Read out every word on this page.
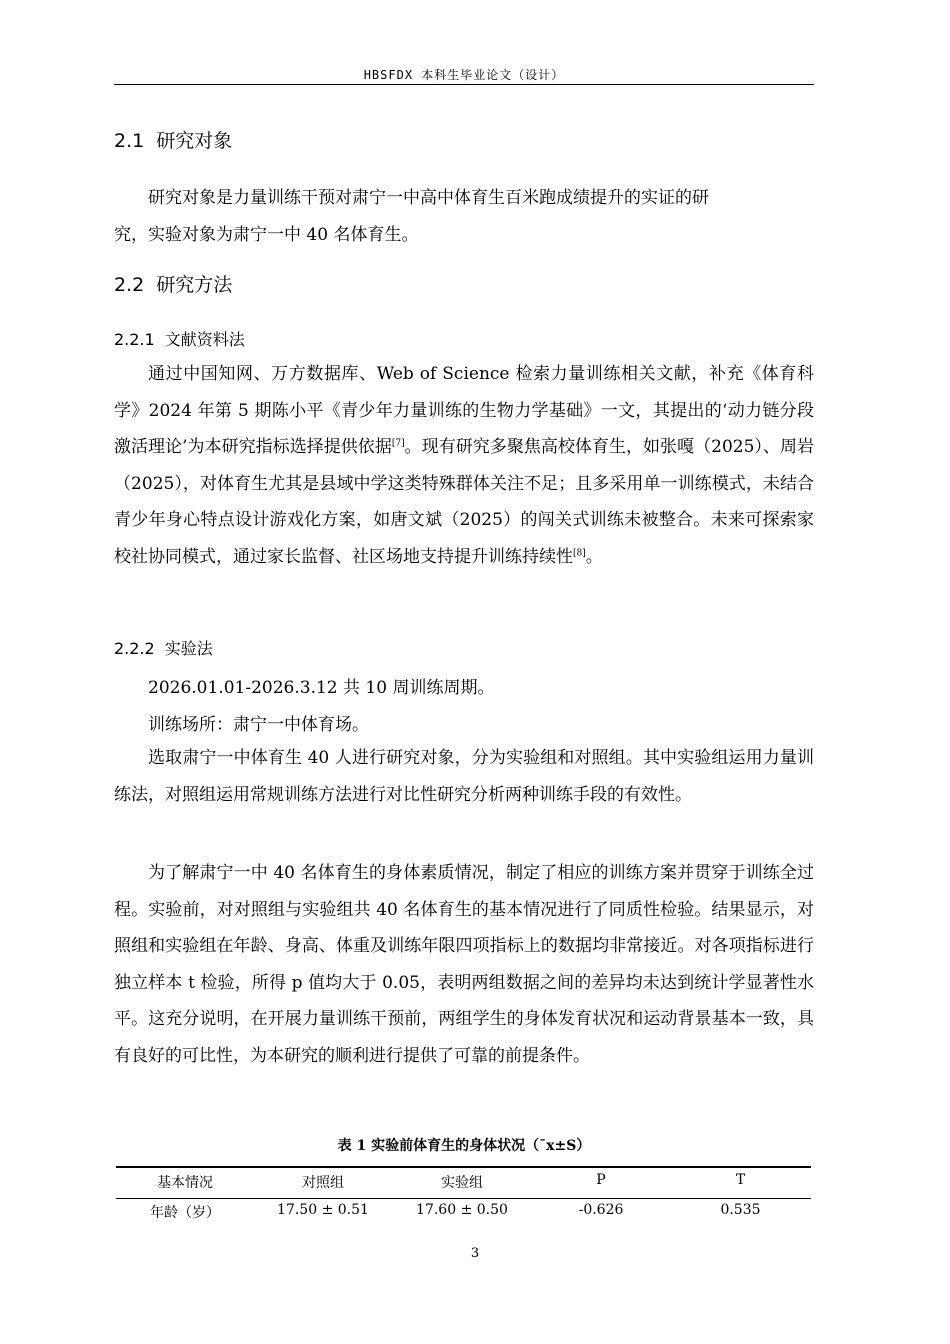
HBSFDX 本科生毕业论文（设计）
2.1 研究对象
研究对象是力量训练干预对肃宁一中高中体育生百米跑成绩提升的实证的研
究，实验对象为肃宁一中 40 名体育生。
2.2 研究方法
2.2.1 文献资料法

通过中国知网、万方数据库、Web of Science 检索力量训练相关文献，补充《体育科学》2024 年第 5 期陈小平《青少年力量训练的生物力学基础》一文，其提出的‘动力链分段激活理论’为本研究指标选择提供依据[7]。现有研究多聚焦高校体育生，如张嘎（2025）、周岩（2025），对体育生尤其是县域中学这类特殊群体关注不足；且多采用单一训练模式，未结合青少年身心特点设计游戏化方案，如唐文斌（2025）的闯关式训练未被整合。未来可探索家校社协同模式，通过家长监督、社区场地支持提升训练持续性[8]。

2.2.2 实验法
2026.01.01-2026.3.12 共 10 周训练周期。
训练场所：肃宁一中体育场。

选取肃宁一中体育生 40 人进行研究对象，分为实验组和对照组。其中实验组运用力量训练法，对照组运用常规训练方法进行对比性研究分析两种训练手段的有效性。

为了解肃宁一中 40 名体育生的身体素质情况，制定了相应的训练方案并贯穿于训练全过程。实验前，对对照组与实验组共 40 名体育生的基本情况进行了同质性检验。结果显示，对照组和实验组在年龄、身高、体重及训练年限四项指标上的数据均非常接近。对各项指标进行独立样本 t 检验，所得 p 值均大于 0.05，表明两组数据之间的差异均未达到统计学显著性水平。这充分说明，在开展力量训练干预前，两组学生的身体发育状况和运动背景基本一致，具有良好的可比性，为本研究的顺利进行提供了可靠的前提条件。

表 1 实验前体育生的身体状况（¯x±S）
基本情况	对照组	实验组	P	T
年龄（岁）	17.50 ± 0.51	17.60 ± 0.50	-0.626	0.535
3
